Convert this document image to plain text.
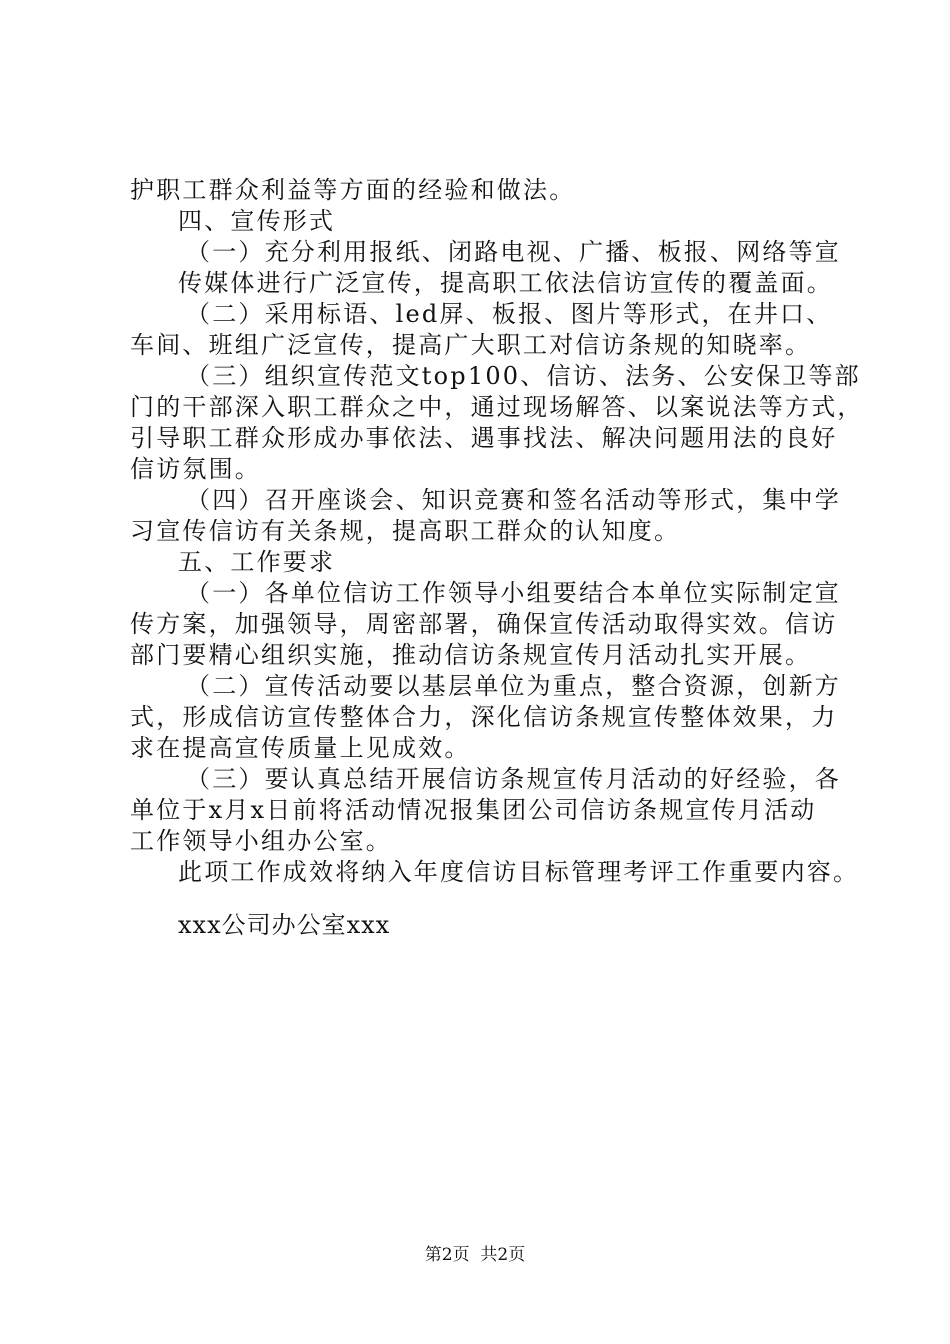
护职工群众利益等方面的经验和做法。
四、宣传形式
（一）充分利用报纸、闭路电视、广播、板报、网络等宣
传媒体进行广泛宣传，提高职工依法信访宣传的覆盖面。
（二）采用标语、led屏、板报、图片等形式，在井口、
车间、班组广泛宣传，提高广大职工对信访条规的知晓率。
（三）组织宣传范文top100、信访、法务、公安保卫等部
门的干部深入职工群众之中，通过现场解答、以案说法等方式，
引导职工群众形成办事依法、遇事找法、解决问题用法的良好
信访氛围。
（四）召开座谈会、知识竞赛和签名活动等形式，集中学
习宣传信访有关条规，提高职工群众的认知度。
五、工作要求
（一）各单位信访工作领导小组要结合本单位实际制定宣
传方案，加强领导，周密部署，确保宣传活动取得实效。信访
部门要精心组织实施，推动信访条规宣传月活动扎实开展。
（二）宣传活动要以基层单位为重点，整合资源，创新方
式，形成信访宣传整体合力，深化信访条规宣传整体效果，力
求在提高宣传质量上见成效。
（三）要认真总结开展信访条规宣传月活动的好经验，各
单位于x月x日前将活动情况报集团公司信访条规宣传月活动
工作领导小组办公室。
此项工作成效将纳入年度信访目标管理考评工作重要内容。
xxx公司办公室xxx
第2页  共2页
